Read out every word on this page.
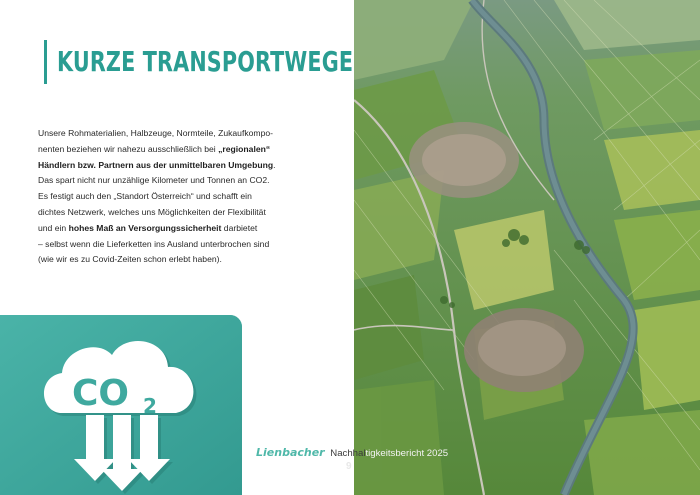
KURZE TRANSPORTWEGE
Unsere Rohmaterialien, Halbzeuge, Normteile, Zukaufkompo-
nenten beziehen wir nahezu ausschließlich bei „regionalen“
Händlern bzw. Partnern aus der unmittelbaren Umgebung.
Das spart nicht nur unzählige Kilometer und Tonnen an CO2.
Es festigt auch den „Standort Österreich“ und schafft ein
dichtes Netzwerk, welches uns Möglichkeiten der Flexibilität
und ein hohes Maß an Versorgungssicherheit darbietet
– selbst wenn die Lieferketten ins Ausland unterbrochen sind
(wie wir es zu Covid-Zeiten schon erlebt haben).
CO 2
Lienbacher Nachhaltigkeitsbericht 2025
9
